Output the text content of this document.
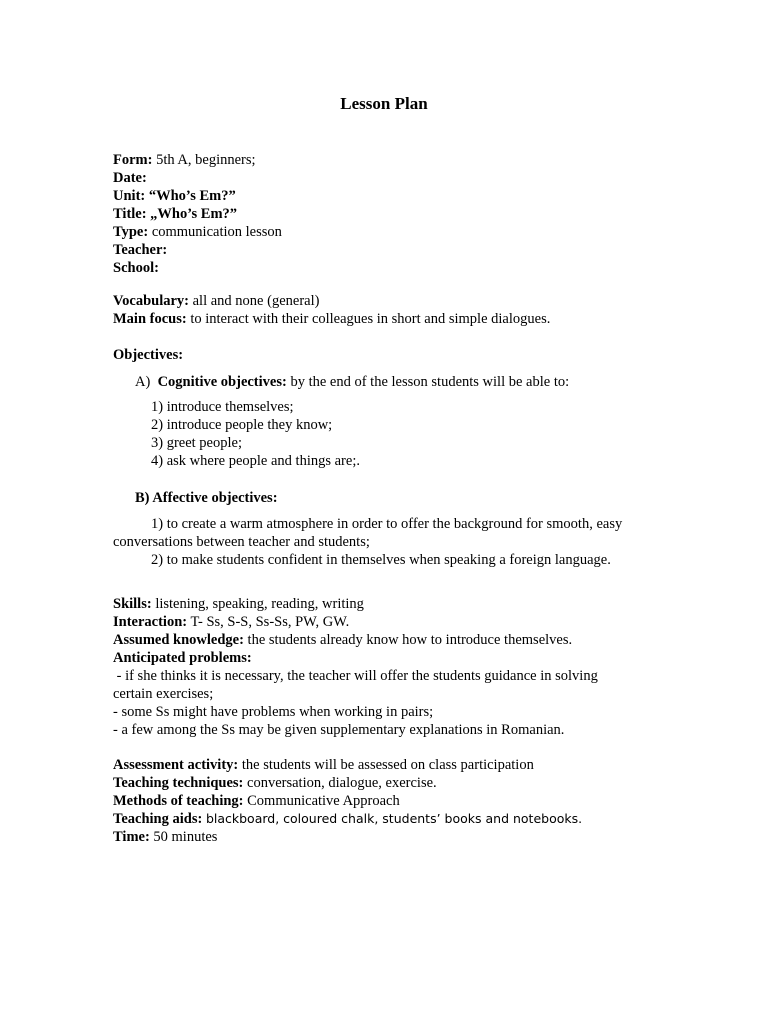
Lesson Plan
Form: 5th A, beginners;
Date:
Unit: “Who’s Em?”
Title: „Who’s Em?”
Type: communication lesson
Teacher:
School:
Vocabulary: all and none (general)
Main focus: to interact with their colleagues in short and simple dialogues.
Objectives:
A) Cognitive objectives: by the end of the lesson students will be able to:
1) introduce themselves;
2) introduce people they know;
3) greet people;
4) ask where people and things are;.
B) Affective objectives:
1) to create a warm atmosphere in order to offer the background for smooth, easy
conversations between teacher and students;
2) to make students confident in themselves when speaking a foreign language.
Skills: listening, speaking, reading, writing
Interaction: T- Ss, S-S, Ss-Ss, PW, GW.
Assumed knowledge: the students already know how to introduce themselves.
Anticipated problems:
- if she thinks it is necessary, the teacher will offer the students guidance in solving
certain exercises;
- some Ss might have problems when working in pairs;
- a few among the Ss may be given supplementary explanations in Romanian.
Assessment activity: the students will be assessed on class participation
Teaching techniques: conversation, dialogue, exercise.
Methods of teaching: Communicative Approach
Teaching aids: blackboard, coloured chalk, students’ books and notebooks.
Time: 50 minutes
